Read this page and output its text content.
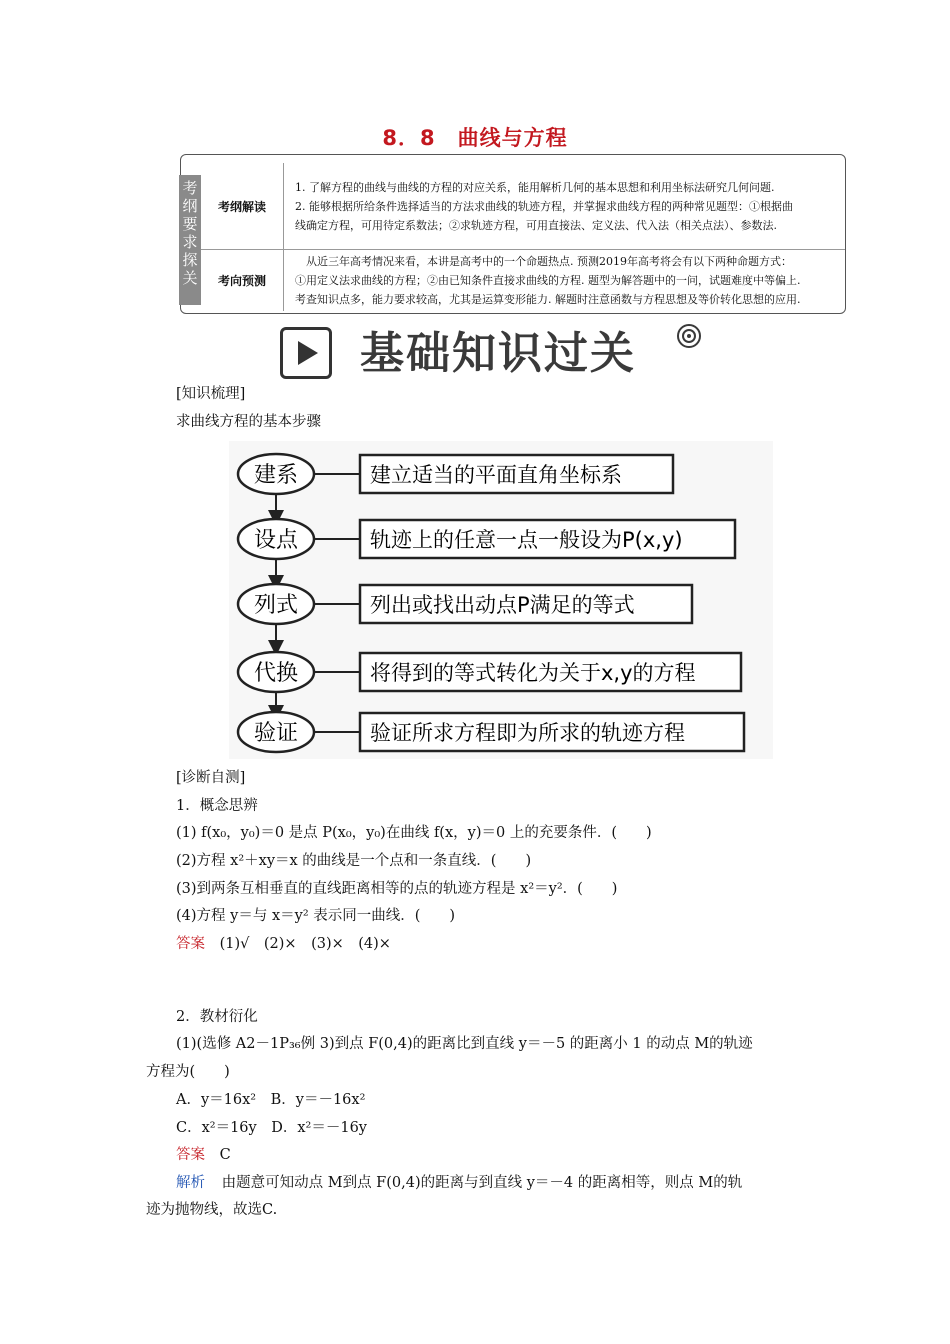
8．8　曲线与方程
考纲要求探关
考纲解读
1. 了解方程的曲线与曲线的方程的对应关系，能用解析几何的基本思想和利用坐标法研究几何问题.
2. 能够根据所给条件选择适当的方法求曲线的轨迹方程，并掌握求曲线方程的两种常见题型：①根据曲
线确定方程，可用待定系数法；②求轨迹方程，可用直接法、定义法、代入法（相关点法）、参数法.
考向预测
　从近三年高考情况来看，本讲是高考中的一个命题热点. 预测2019年高考将会有以下两种命题方式：
①用定义法求曲线的方程；②由已知条件直接求曲线的方程. 题型为解答题中的一问，试题难度中等偏上.
考查知识点多，能力要求较高，尤其是运算变形能力. 解题时注意函数与方程思想及等价转化思想的应用.
基础知识过关
[知识梳理]
求曲线方程的基本步骤
建系	建立适当的平面直角坐标系
设点	轨迹上的任意一点一般设为P(x,y)
列式	列出或找出动点P满足的等式
代换	将得到的等式转化为关于x,y的方程
验证	验证所求方程即为所求的轨迹方程
[诊断自测]
1．概念思辨
(1) f(x₀，y₀)＝0 是点 P(x₀，y₀)在曲线 f(x，y)＝0 上的充要条件．(　　)
(2)方程 x²＋xy＝x 的曲线是一个点和一条直线．(　　)
(3)到两条互相垂直的直线距离相等的点的轨迹方程是 x²＝y²．(　　)
(4)方程 y＝与 x＝y² 表示同一曲线．(　　)
答案 (1)√　(2)×　(3)×　(4)×
2．教材衍化
(1)(选修 A2－1P₃₆例 3)到点 F(0,4)的距离比到直线 y＝－5 的距离小 1 的动点 M的轨迹
方程为(　　)
A．y＝16x²　B．y＝－16x²
C．x²＝16y　D．x²＝－16y
答案 C
解析 由题意可知动点 M到点 F(0,4)的距离与到直线 y＝－4 的距离相等，则点 M的轨
迹为抛物线，故选C.
